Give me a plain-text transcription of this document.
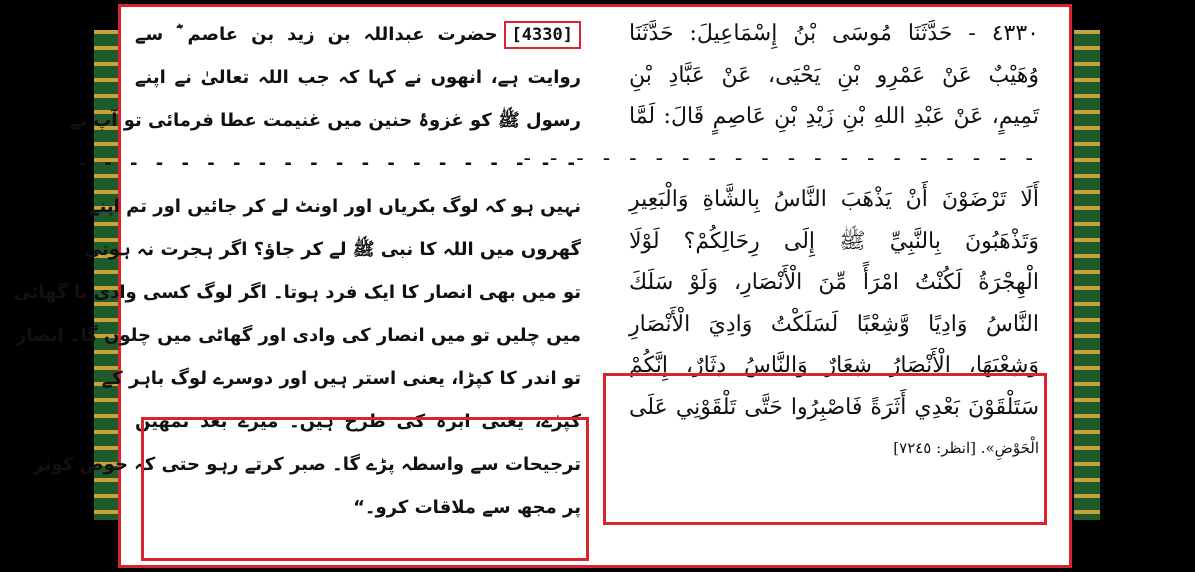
٤٣٣٠ - حَدَّثَنَا مُوسَى بْنُ إِسْمَاعِيلَ: حَدَّثَنَا
وُهَيْبٌ عَنْ عَمْرِو بْنِ يَحْيَى، عَنْ عَبَّادِ بْنِ
تَمِيمٍ، عَنْ عَبْدِ اللهِ بْنِ زَيْدِ بْنِ عَاصِمٍ قَالَ: لَمَّا
- - - - - - - - - - - - - - - - - - - -
أَلَا تَرْضَوْنَ أَنْ يَذْهَبَ النَّاسُ بِالشَّاةِ وَالْبَعِيرِ
وَتَذْهَبُونَ بِالنَّبِيِّ ﷺ إِلَى رِحَالِكُمْ؟ لَوْلَا
الْهِجْرَةُ لَكُنْتُ امْرَأً مِّنَ الْأَنْصَارِ، وَلَوْ سَلَكَ
النَّاسُ وَادِيًا وَّشِعْبًا لَسَلَكْتُ وَادِيَ الْأَنْصَارِ
وَشِعْبَهَا، الْأَنْصَارُ شِعَارٌ وَالنَّاسُ دِثَارٌ، إِنَّكُمْ
سَتَلْقَوْنَ بَعْدِي أَثَرَةً فَاصْبِرُوا حَتَّى تَلْقَوْنِي عَلَى
الْحَوْضِ». [انظر: ٧٢٤٥]
[4330]حضرت عبداللہ بن زید بن عاصم ؓ سے
روایت ہے، انھوں نے کہا کہ جب اللہ تعالیٰ نے اپنے
رسول ﷺ کو غزوۂ حنین میں غنیمت عطا فرمائی تو آپ نے
- - - - - - - - - - - - - - - - - - - -
نہیں ہو کہ لوگ بکریاں اور اونٹ لے کر جائیں اور تم اپنے
گھروں میں اللہ کا نبی ﷺ لے کر جاؤ؟ اگر ہجرت نہ ہوتی
تو میں بھی انصار کا ایک فرد ہوتا۔ اگر لوگ کسی وادی یا گھاٹی
میں چلیں تو میں انصار کی وادی اور گھاٹی میں چلوں گا۔ انصار
تو اندر کا کپڑا، یعنی استر ہیں اور دوسرے لوگ باہر کے
کپڑے، یعنی ابرہ کی طرح ہیں۔ میرے بعد تمھیں
ترجیحات سے واسطہ پڑے گا۔ صبر کرتے رہو حتی کہ حوض کوثر
پر مجھ سے ملاقات کرو۔“
